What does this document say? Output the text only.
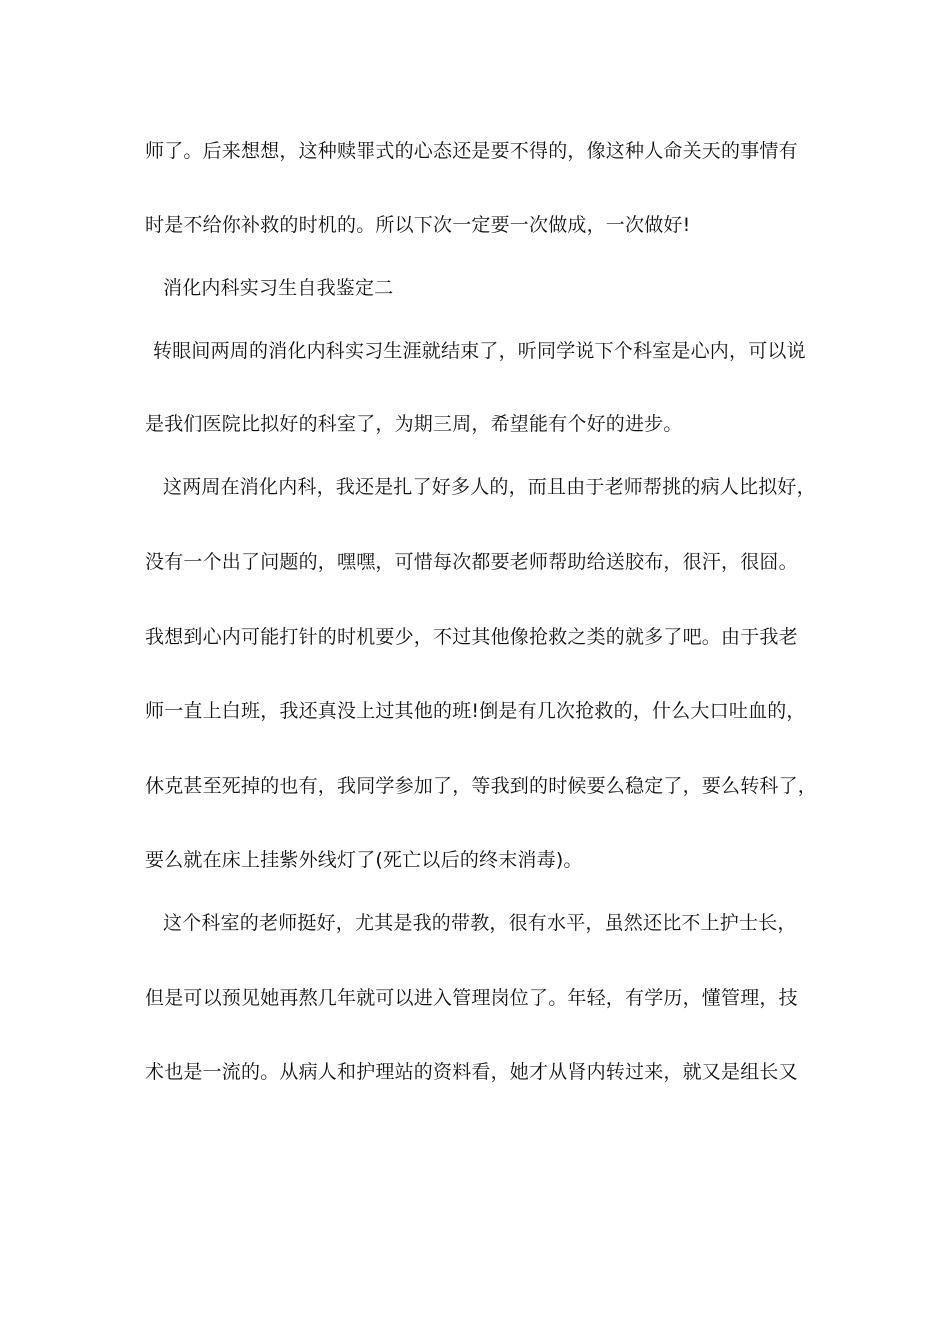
师了。后来想想，这种赎罪式的心态还是要不得的，像这种人命关天的事情有
时是不给你补救的时机的。所以下次一定要一次做成，一次做好!
消化内科实习生自我鉴定二
转眼间两周的消化内科实习生涯就结束了，听同学说下个科室是心内，可以说
是我们医院比拟好的科室了，为期三周，希望能有个好的进步。
这两周在消化内科，我还是扎了好多人的，而且由于老师帮挑的病人比拟好，
没有一个出了问题的，嘿嘿，可惜每次都要老师帮助给送胶布，很汗，很囧。
我想到心内可能打针的时机要少，不过其他像抢救之类的就多了吧。由于我老
师一直上白班，我还真没上过其他的班!倒是有几次抢救的，什么大口吐血的，
休克甚至死掉的也有，我同学参加了，等我到的时候要么稳定了，要么转科了，
要么就在床上挂紫外线灯了(死亡以后的终末消毒)。
这个科室的老师挺好，尤其是我的带教，很有水平，虽然还比不上护士长，
但是可以预见她再熬几年就可以进入管理岗位了。年轻，有学历，懂管理，技
术也是一流的。从病人和护理站的资料看，她才从肾内转过来，就又是组长又
